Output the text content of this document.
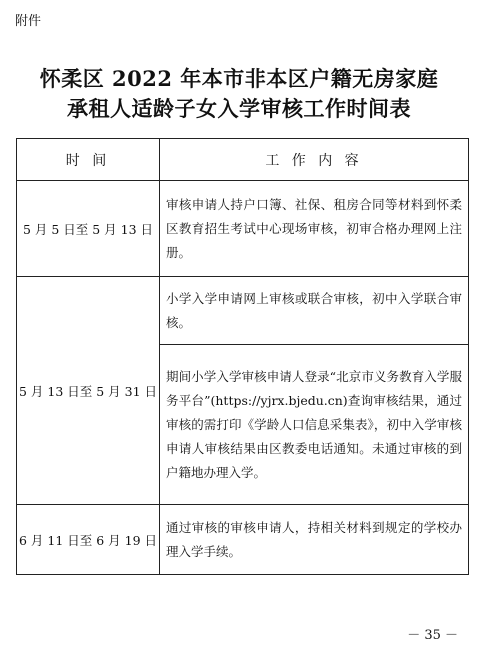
附件
怀柔区 2022 年本市非本区户籍无房家庭
承租人适龄子女入学审核工作时间表
时 间	工 作 内 容
5 月 5 日至 5 月 13 日	审核申请人持户口簿、社保、租房合同等材料到怀柔区教育招生考试中心现场审核，初审合格办理网上注册。
5 月 13 日至 5 月 31 日	小学入学申请网上审核或联合审核，初中入学联合审核。
	期间小学入学审核申请人登录“北京市义务教育入学服务平台”(https://yjrx.bjedu.cn)查询审核结果，通过审核的需打印《学龄人口信息采集表》，初中入学审核申请人审核结果由区教委电话通知。未通过审核的到户籍地办理入学。
6 月 11 日至 6 月 19 日	通过审核的审核申请人，持相关材料到规定的学校办理入学手续。
－ 35 －
